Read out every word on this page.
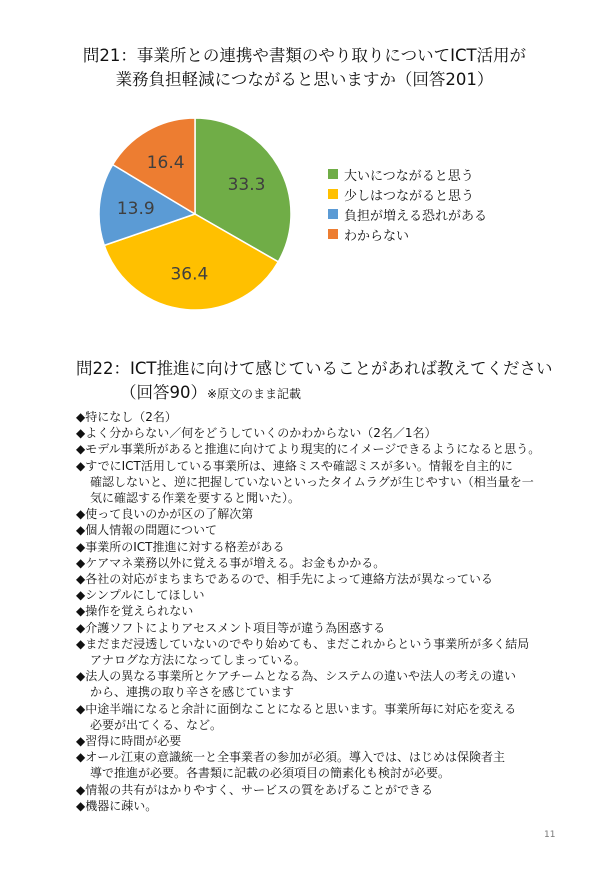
問21：事業所との連携や書類のやり取りについてICT活用が
業務負担軽減につながると思いますか（回答201）
33.3
36.4
13.9
16.4
大いにつながると思う
少しはつながると思う
負担が増える恐れがある
わからない
問22：ICT推進に向けて感じていることがあれば教えてください
（回答90）※原文のまま記載
◆特になし（2名）
◆よく分からない／何をどうしていくのかわからない（2名／1名）
◆モデル事業所があると推進に向けてより現実的にイメージできるようになると思う。
◆すでにICT活用している事業所は、連絡ミスや確認ミスが多い。情報を自主的に
確認しないと、逆に把握していないといったタイムラグが生じやすい（相当量を一
気に確認する作業を要すると聞いた）。
◆使って良いのかが区の了解次第
◆個人情報の問題について
◆事業所のICT推進に対する格差がある
◆ケアマネ業務以外に覚える事が増える。お金もかかる。
◆各社の対応がまちまちであるので、相手先によって連絡方法が異なっている
◆シンプルにしてほしい
◆操作を覚えられない
◆介護ソフトによりアセスメント項目等が違う為困惑する
◆まだまだ浸透していないのでやり始めても、まだこれからという事業所が多く結局
アナログな方法になってしまっている。
◆法人の異なる事業所とケアチームとなる為、システムの違いや法人の考えの違い
から、連携の取り辛さを感じています
◆中途半端になると余計に面倒なことになると思います。事業所毎に対応を変える
必要が出てくる、など。
◆習得に時間が必要
◆オール江東の意識統一と全事業者の参加が必須。導入では、はじめは保険者主
導で推進が必要。各書類に記載の必須項目の簡素化も検討が必要。
◆情報の共有がはかりやすく、サービスの質をあげることができる
◆機器に疎い。
11
